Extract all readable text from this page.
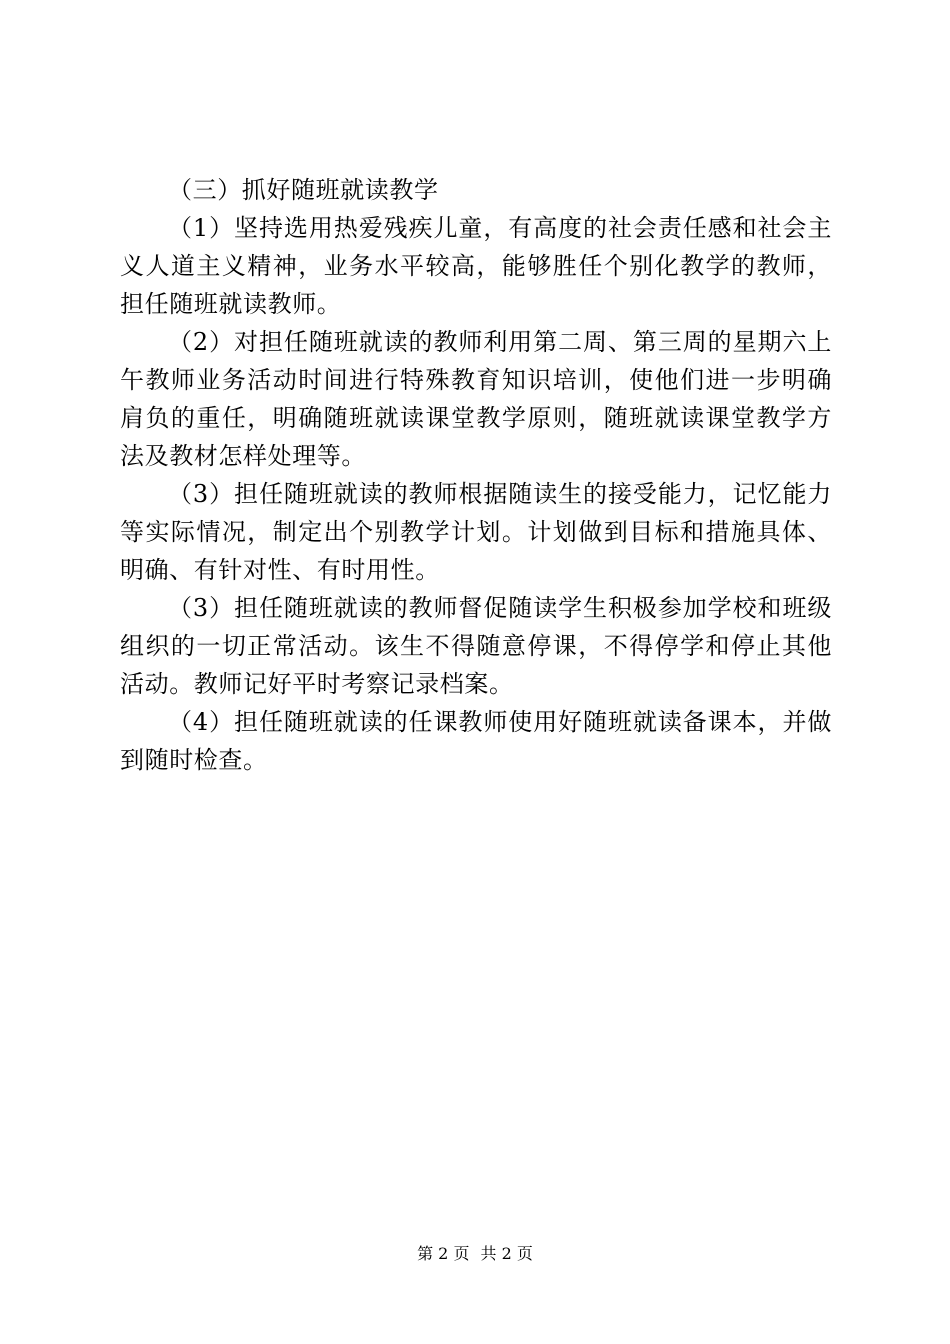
（三）抓好随班就读教学

（1）坚持选用热爱残疾儿童，有高度的社会责任感和社会主义人道主义精神，业务水平较高，能够胜任个别化教学的教师，担任随班就读教师。

（2）对担任随班就读的教师利用第二周、第三周的星期六上午教师业务活动时间进行特殊教育知识培训，使他们进一步明确肩负的重任，明确随班就读课堂教学原则，随班就读课堂教学方法及教材怎样处理等。

（3）担任随班就读的教师根据随读生的接受能力，记忆能力等实际情况，制定出个别教学计划。计划做到目标和措施具体、明确、有针对性、有时用性。

（3）担任随班就读的教师督促随读学生积极参加学校和班级组织的一切正常活动。该生不得随意停课，不得停学和停止其他活动。教师记好平时考察记录档案。

（4）担任随班就读的任课教师使用好随班就读备课本，并做到随时检查。

第 2 页 共 2 页
